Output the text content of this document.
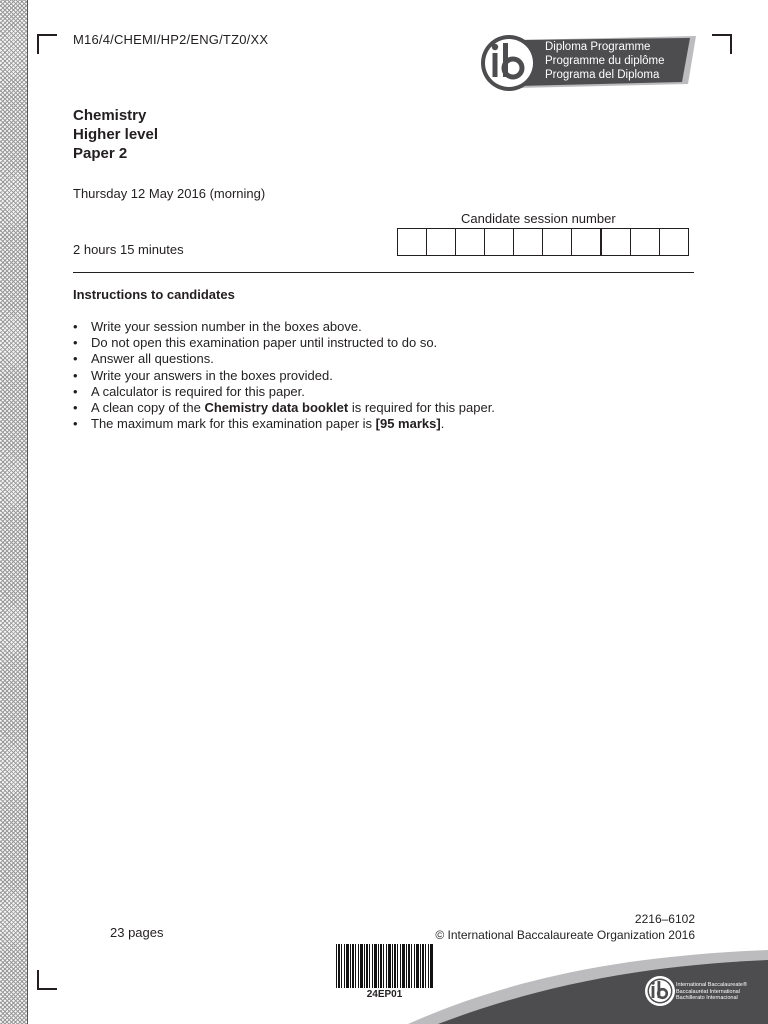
M16/4/CHEMI/HP2/ENG/TZ0/XX	Diploma Programme
Programme du diplôme
Programa del Diploma
Chemistry
Higher level
Paper 2
Thursday 12 May 2016 (morning)
2 hours 15 minutes
Candidate session number
Instructions to candidates
• Write your session number in the boxes above.
• Do not open this examination paper until instructed to do so.
• Answer all questions.
• Write your answers in the boxes provided.
• A calculator is required for this paper.
• A clean copy of the Chemistry data booklet is required for this paper.
• The maximum mark for this examination paper is [95 marks].
23 pages
2216–6102
© International Baccalaureate Organization 2016
24EP01
International Baccalaureate®
Baccalauréat International
Bachillerato Internacional
